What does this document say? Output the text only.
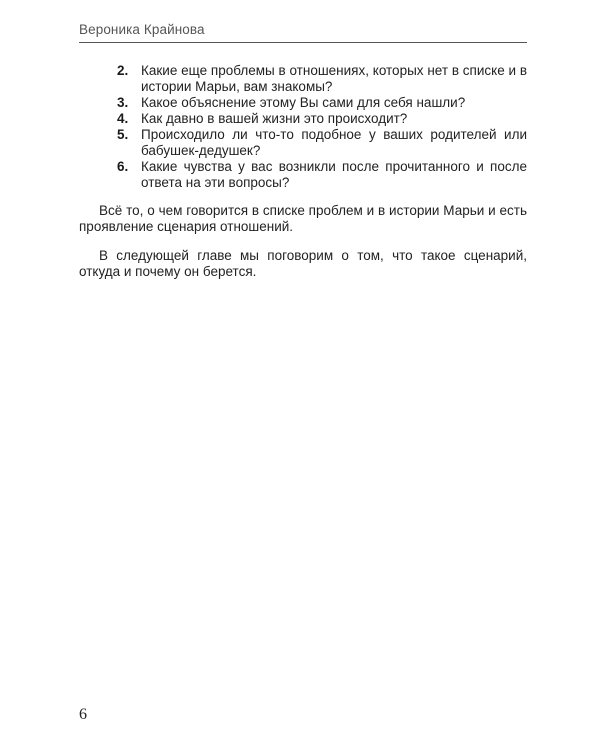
Вероника Крайнова
2. Какие еще проблемы в отношениях, которых нет в списке и в истории Марьи, вам знакомы?
3. Какое объяснение этому Вы сами для себя нашли?
4. Как давно в вашей жизни это происходит?
5. Происходило ли что-то подобное у ваших родителей или бабушек-дедушек?
6. Какие чувства у вас возникли после прочитанного и после ответа на эти вопросы?

Всё то, о чем говорится в списке проблем и в истории Марьи и есть проявление сценария отношений.

В следующей главе мы поговорим о том, что такое сценарий, откуда и почему он берется.

6
